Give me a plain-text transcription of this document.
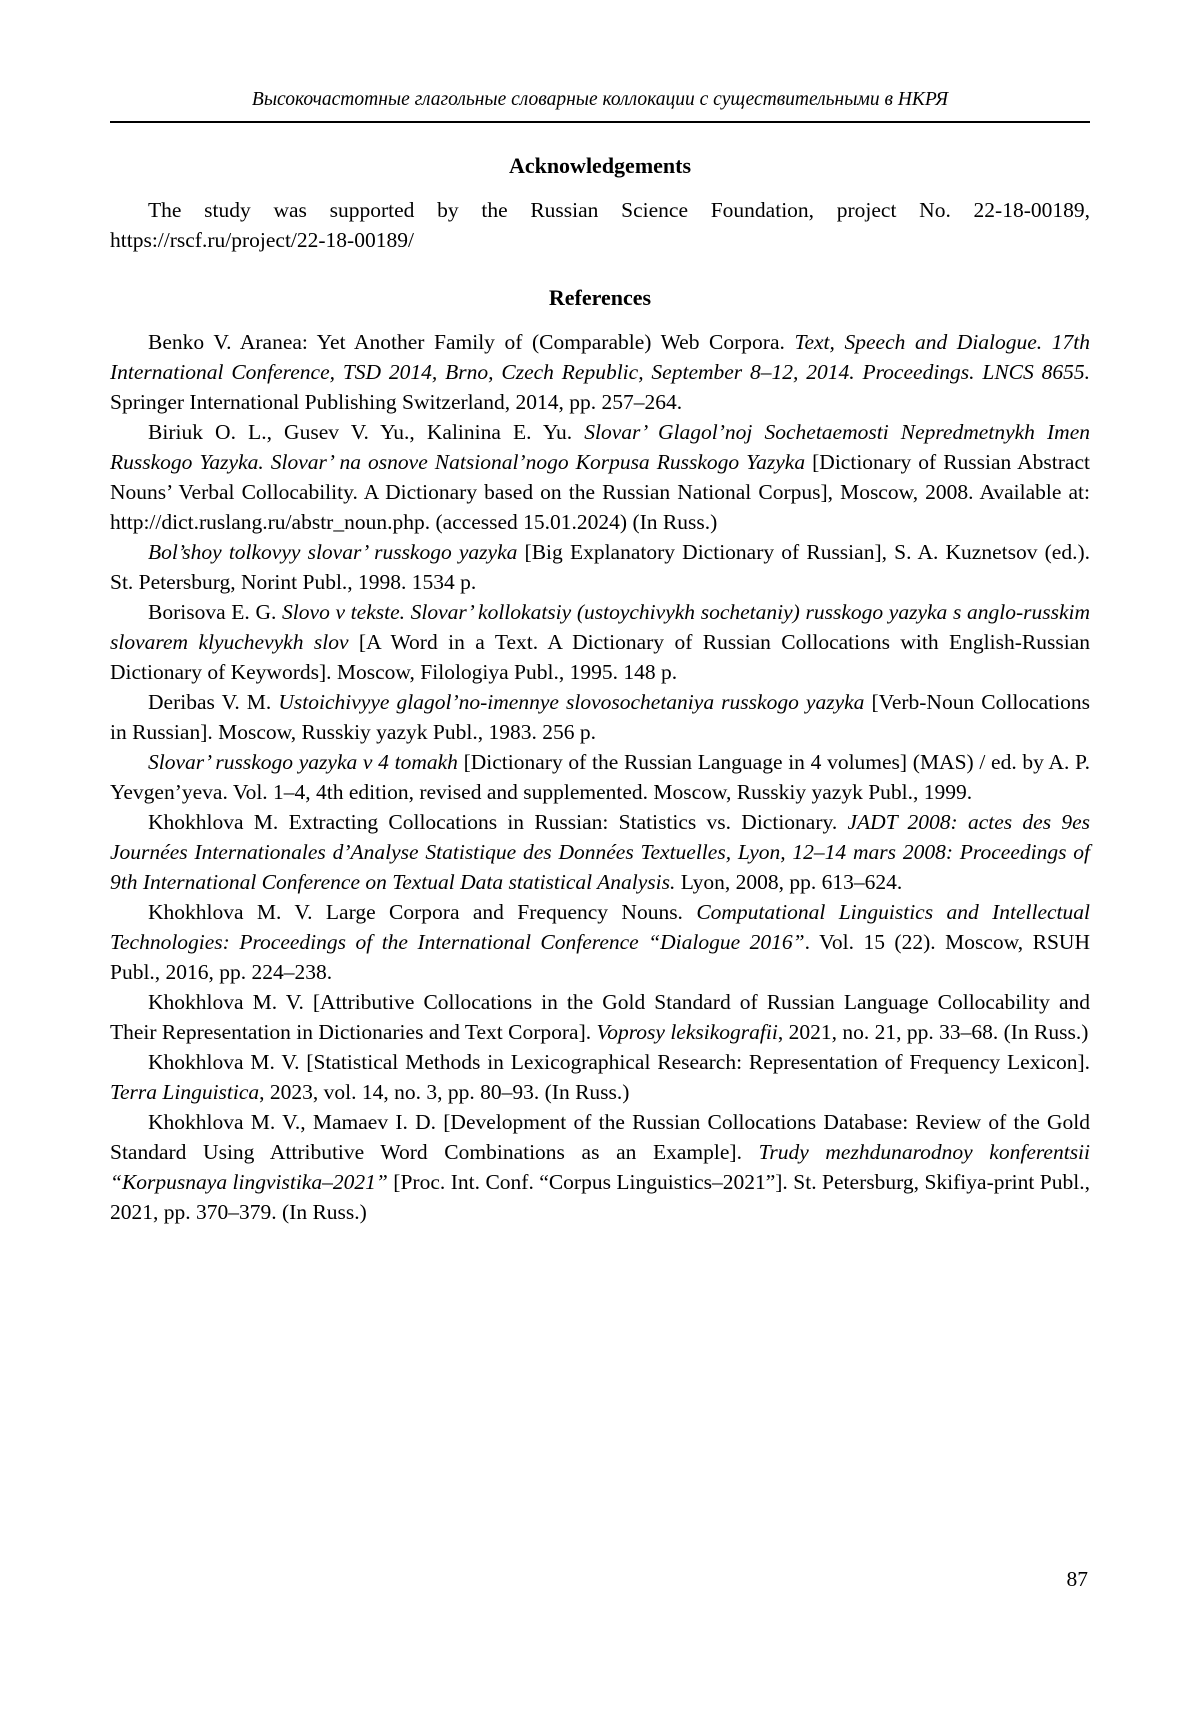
Высокочастотные глагольные словарные коллокации с существительными в НКРЯ
Acknowledgements

The study was supported by the Russian Science Foundation, project No. 22-18-00189, https://rscf.ru/project/22-18-00189/

References

Benko V. Aranea: Yet Another Family of (Comparable) Web Corpora. Text, Speech and Dialogue. 17th International Conference, TSD 2014, Brno, Czech Republic, September 8–12, 2014. Proceedings. LNCS 8655. Springer International Publishing Switzerland, 2014, pp. 257–264.

Biriuk O. L., Gusev V. Yu., Kalinina E. Yu. Slovar’ Glagol’noj Sochetaemosti Nepredmetnykh Imen Russkogo Yazyka. Slovar’ na osnove Natsional’nogo Korpusa Russkogo Yazyka [Dictionary of Russian Abstract Nouns’ Verbal Collocability. A Dictionary based on the Russian National Corpus], Moscow, 2008. Available at: http://dict.ruslang.ru/abstr_noun.php. (accessed 15.01.2024) (In Russ.)

Bol’shoy tolkovyy slovar’ russkogo yazyka [Big Explanatory Dictionary of Russian], S. A. Kuznetsov (ed.). St. Petersburg, Norint Publ., 1998. 1534 p.

Borisova E. G. Slovo v tekste. Slovar’ kollokatsiy (ustoychivykh sochetaniy) russkogo yazyka s anglo-russkim slovarem klyuchevykh slov [A Word in a Text. A Dictionary of Russian Collocations with English-Russian Dictionary of Keywords]. Moscow, Filologiya Publ., 1995. 148 p.

Deribas V. M. Ustoichivyye glagol’no-imennye slovosochetaniya russkogo yazyka [Verb-Noun Collocations in Russian]. Moscow, Russkiy yazyk Publ., 1983. 256 p.

Slovar’ russkogo yazyka v 4 tomakh [Dictionary of the Russian Language in 4 volumes] (MAS) / ed. by A. P. Yevgen’yeva. Vol. 1–4, 4th edition, revised and supplemented. Moscow, Russkiy yazyk Publ., 1999.

Khokhlova M. Extracting Collocations in Russian: Statistics vs. Dictionary. JADT 2008: actes des 9es Journées Internationales d’Analyse Statistique des Données Textuelles, Lyon, 12–14 mars 2008: Proceedings of 9th International Conference on Textual Data statistical Analysis. Lyon, 2008, pp. 613–624.

Khokhlova M. V. Large Corpora and Frequency Nouns. Computational Linguistics and Intellectual Technologies: Proceedings of the International Conference “Dialogue 2016”. Vol. 15 (22). Moscow, RSUH Publ., 2016, pp. 224–238.

Khokhlova M. V. [Attributive Collocations in the Gold Standard of Russian Language Collocability and Their Representation in Dictionaries and Text Corpora]. Voprosy leksikografii, 2021, no. 21, pp. 33–68. (In Russ.)

Khokhlova M. V. [Statistical Methods in Lexicographical Research: Representation of Frequency Lexicon]. Terra Linguistica, 2023, vol. 14, no. 3, pp. 80–93. (In Russ.)

Khokhlova M. V., Mamaev I. D. [Development of the Russian Collocations Database: Review of the Gold Standard Using Attributive Word Combinations as an Example]. Trudy mezhdunarodnoy konferentsii “Korpusnaya lingvistika–2021” [Proc. Int. Conf. “Corpus Linguistics–2021”]. St. Petersburg, Skifiya-print Publ., 2021, pp. 370–379. (In Russ.)

87
